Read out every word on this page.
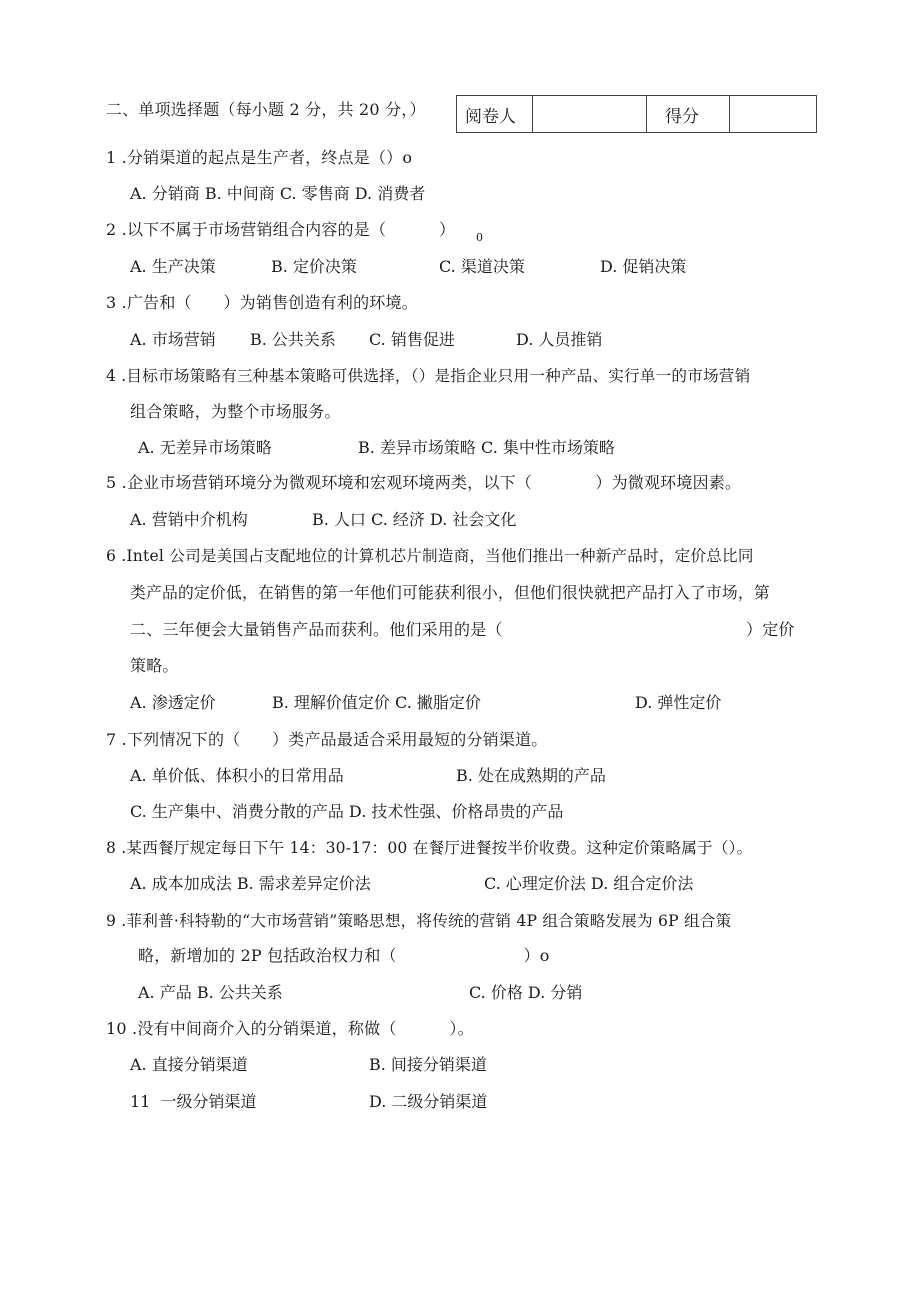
二、单项选择题（每小题 2 分，共 20 分，） 阅卷人		得分	
1 .分销渠道的起点是生产者，终点是（）o
A. 分销商 B. 中间商 C. 零售商 D. 消费者
2 .以下不属于市场营销组合内容的是（          ） 0
A. 生产决策	B. 定价决策	C. 渠道决策	D. 促销决策
3 .广告和（      ）为销售创造有利的环境。
A. 市场营销 B. 公共关系 C. 销售促进	D. 人员推销
4 .目标市场策略有三种基本策略可供选择，（）是指企业只用一种产品、实行单一的市场营销
组合策略，为整个市场服务。
A. 无差异市场策略	B. 差异市场策略 C. 集中性市场策略
5 .企业市场营销环境分为微观环境和宏观环境两类，以下（            ）为微观环境因素。
A. 营销中介机构	B. 人口 C. 经济 D. 社会文化
6 .Intel 公司是美国占支配地位的计算机芯片制造商，当他们推出一种新产品时，定价总比同
类产品的定价低，在销售的第一年他们可能获利很小，但他们很快就把产品打入了市场，第
二、三年便会大量销售产品而获利。他们采用的是（	）定价
策略。
A. 渗透定价	B. 理解价值定价 C. 撇脂定价	D. 弹性定价
7 .下列情况下的（      ）类产品最适合采用最短的分销渠道。
A. 单价低、体积小的日常用品	B. 处在成熟期的产品
C. 生产集中、消费分散的产品 D. 技术性强、价格昂贵的产品
8 .某西餐厅规定每日下午 14：30-17：00 在餐厅进餐按半价收费。这种定价策略属于（）。
A. 成本加成法 B. 需求差异定价法	C. 心理定价法 D. 组合定价法
9 .菲利普·科特勒的“大市场营销”策略思想，将传统的营销 4P 组合策略发展为 6P 组合策
略，新增加的 2P 包括政治权力和（                        ）o
A. 产品 B. 公共关系	C. 价格 D. 分销
10 .没有中间商介入的分销渠道，称做（          ）。
A. 直接分销渠道	B. 间接分销渠道
11  一级分销渠道	D. 二级分销渠道
